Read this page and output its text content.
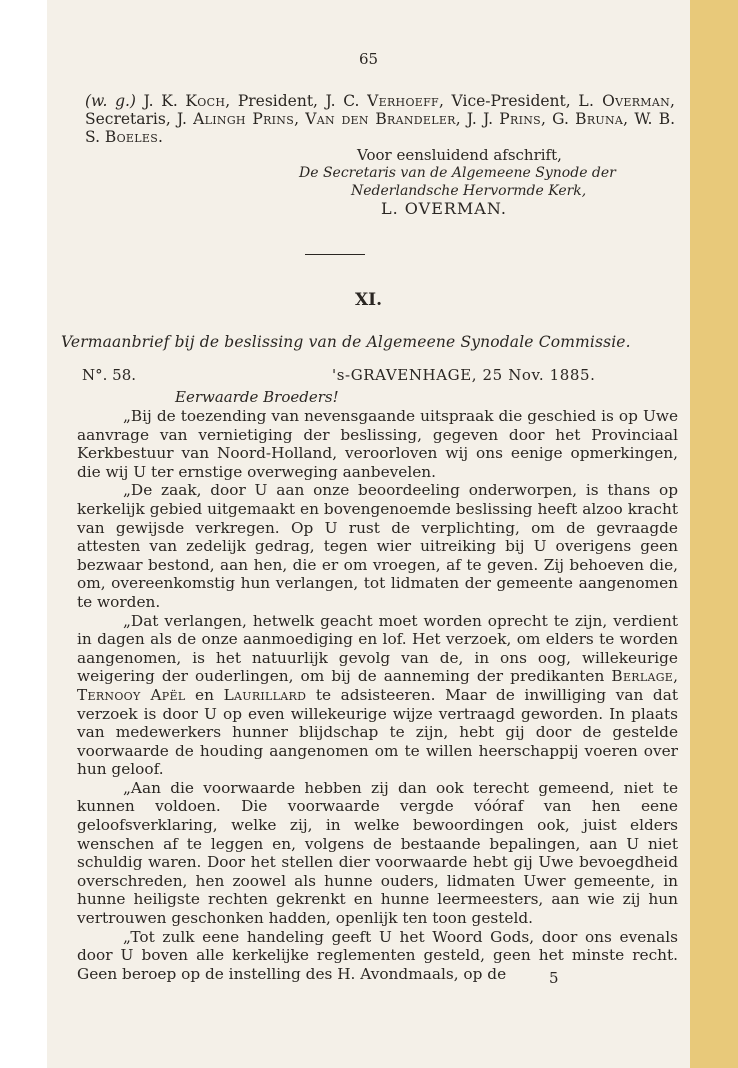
65
(w. g.) J. K. Koch, President, J. C. Verhoeff, Vice-President, L. Overman, Secretaris, J. Alingh Prins, Van den Brandeler, J. J. Prins, G. Bruna, W. B. S. Boeles.
Voor eensluidend afschrift,
De Secretaris van de Algemeene Synode der
Nederlandsche Hervormde Kerk,
L. OVERMAN.
XI.
Vermaanbrief bij de beslissing van de Algemeene Synodale Commissie.
N°. 58.	's-GRAVENHAGE, 25 Nov. 1885.
Eerwaarde Broeders!

„Bij de toezending van nevensgaande uitspraak die geschied is op Uwe aanvrage van vernietiging der beslissing, gegeven door het Provinciaal Kerkbestuur van Noord-Holland, veroorloven wij ons eenige opmerkingen, die wij U ter ernstige overweging aanbevelen.

„De zaak, door U aan onze beoordeeling onderworpen, is thans op kerkelijk gebied uitgemaakt en bovengenoemde beslissing heeft alzoo kracht van gewijsde verkregen. Op U rust de verplichting, om de gevraagde attesten van zedelijk gedrag, tegen wier uitreiking bij U overigens geen bezwaar bestond, aan hen, die er om vroegen, af te geven. Zij behoeven die, om, overeenkomstig hun verlangen, tot lidmaten der gemeente aangenomen te worden.

„Dat verlangen, hetwelk geacht moet worden oprecht te zijn, verdient in dagen als de onze aanmoediging en lof. Het verzoek, om elders te worden aangenomen, is het natuurlijk gevolg van de, in ons oog, willekeurige weigering der ouderlingen, om bij de aanneming der predikanten Berlage, Ternooy Apël en Laurillard te adsisteeren. Maar de inwilliging van dat verzoek is door U op even willekeurige wijze vertraagd geworden. In plaats van medewerkers hunner blijdschap te zijn, hebt gij door de gestelde voorwaarde de houding aangenomen om te willen heerschappij voeren over hun geloof.

„Aan die voorwaarde hebben zij dan ook terecht gemeend, niet te kunnen voldoen. Die voorwaarde vergde vóóraf van hen eene geloofsverklaring, welke zij, in welke bewoordingen ook, juist elders wenschen af te leggen en, volgens de bestaande bepalingen, aan U niet schuldig waren. Door het stellen dier voorwaarde hebt gij Uwe bevoegdheid overschreden, hen zoowel als hunne ouders, lidmaten Uwer gemeente, in hunne heiligste rechten gekrenkt en hunne leermeesters, aan wie zij hun vertrouwen geschonken hadden, openlijk ten toon gesteld.

„Tot zulk eene handeling geeft U het Woord Gods, door ons evenals door U boven alle kerkelijke reglementen gesteld, geen het minste recht. Geen beroep op de instelling des H. Avondmaals, op de	5
